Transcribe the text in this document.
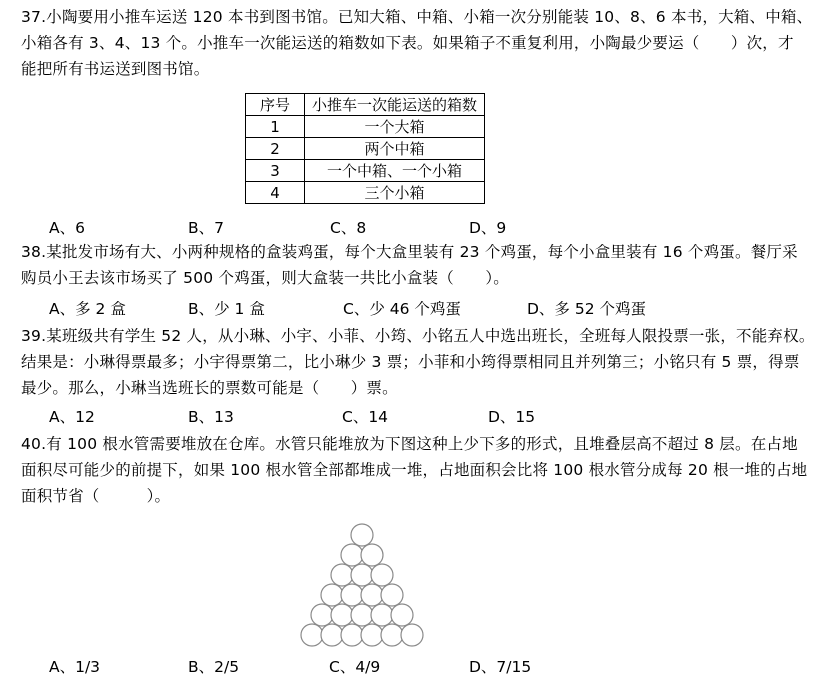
37.小陶要用小推车运送 120 本书到图书馆。已知大箱、中箱、小箱一次分别能装 10、8、6 本书，大箱、中箱、
小箱各有 3、4、13 个。小推车一次能运送的箱数如下表。如果箱子不重复利用，小陶最少要运（　　）次，才
能把所有书运送到图书馆。
序号	小推车一次能运送的箱数
1	一个大箱
2	两个中箱
3	一个中箱、一个小箱
4	三个小箱
A、6	B、7	C、8	D、9
38.某批发市场有大、小两种规格的盒装鸡蛋，每个大盒里装有 23 个鸡蛋，每个小盒里装有 16 个鸡蛋。餐厅采
购员小王去该市场买了 500 个鸡蛋，则大盒装一共比小盒装（　　）。
A、多 2 盒	B、少 1 盒	C、少 46 个鸡蛋	D、多 52 个鸡蛋
39.某班级共有学生 52 人，从小琳、小宇、小菲、小筠、小铭五人中选出班长，全班每人限投票一张，不能弃权。
结果是：小琳得票最多；小宇得票第二，比小琳少 3 票；小菲和小筠得票相同且并列第三；小铭只有 5 票，得票
最少。那么，小琳当选班长的票数可能是（　　）票。
A、12	B、13	C、14	D、15
40.有 100 根水管需要堆放在仓库。水管只能堆放为下图这种上少下多的形式，且堆叠层高不超过 8 层。在占地
面积尽可能少的前提下，如果 100 根水管全部都堆成一堆，占地面积会比将 100 根水管分成每 20 根一堆的占地
面积节省（　　　）。
A、1/3	B、2/5	C、4/9	D、7/15
